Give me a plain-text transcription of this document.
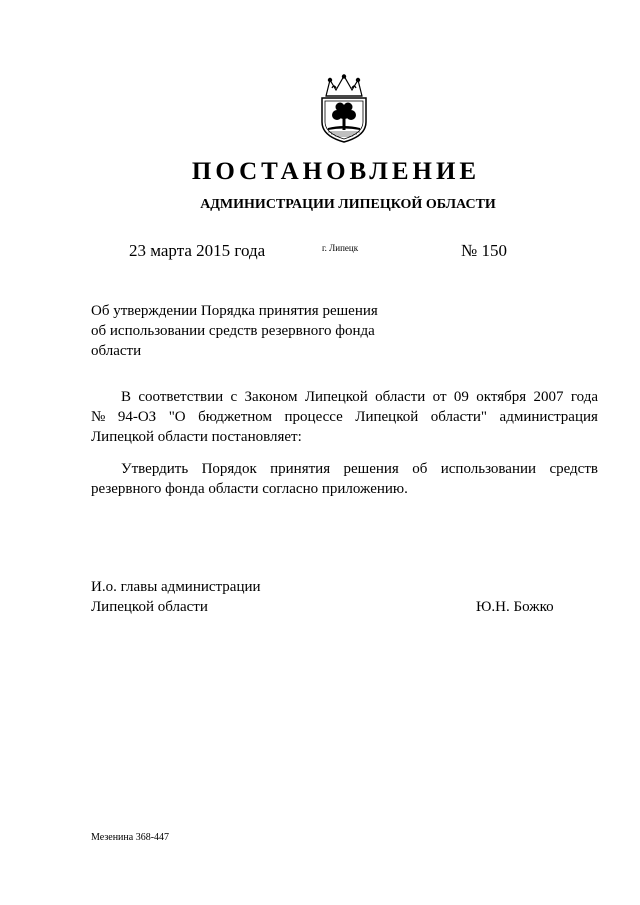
ПОСТАНОВЛЕНИЕ
АДМИНИСТРАЦИИ ЛИПЕЦКОЙ ОБЛАСТИ
23 марта 2015 года	г. Липецк	№ 150
Об утверждении Порядка принятия решения
об использовании средств резервного фонда
области
В соответствии с Законом Липецкой области от 09 октября 2007 года
№ 94-ОЗ "О бюджетном процессе Липецкой области" администрация
Липецкой области постановляет:
Утвердить Порядок принятия решения об использовании средств
резервного фонда области согласно приложению.
И.о. главы администрации
Липецкой области	Ю.Н. Божко
Мезенина 368-447
